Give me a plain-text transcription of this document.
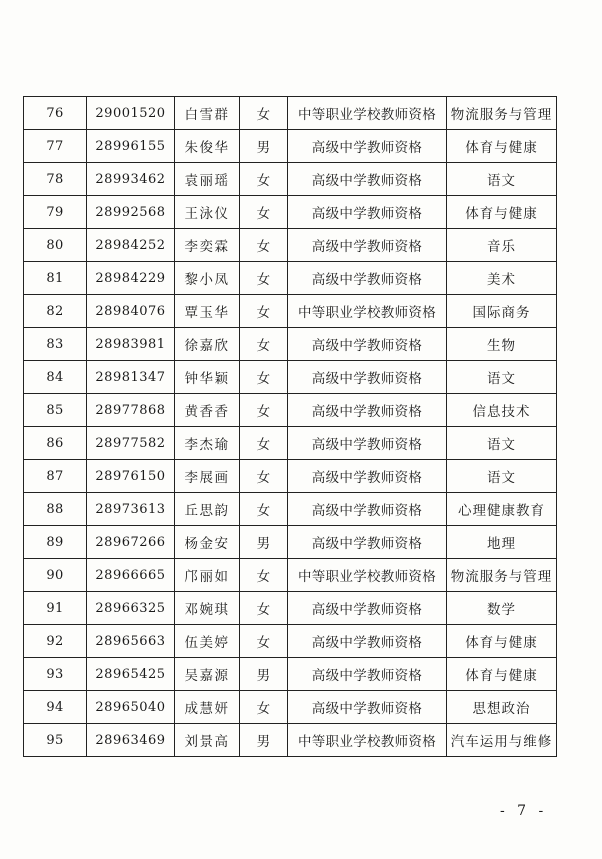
76	29001520	白雪群	女	中等职业学校教师资格	物流服务与管理
77	28996155	朱俊华	男	高级中学教师资格	体育与健康
78	28993462	袁丽瑶	女	高级中学教师资格	语文
79	28992568	王泳仪	女	高级中学教师资格	体育与健康
80	28984252	李奕霖	女	高级中学教师资格	音乐
81	28984229	黎小凤	女	高级中学教师资格	美术
82	28984076	覃玉华	女	中等职业学校教师资格	国际商务
83	28983981	徐嘉欣	女	高级中学教师资格	生物
84	28981347	钟华颖	女	高级中学教师资格	语文
85	28977868	黄香香	女	高级中学教师资格	信息技术
86	28977582	李杰瑜	女	高级中学教师资格	语文
87	28976150	李展画	女	高级中学教师资格	语文
88	28973613	丘思韵	女	高级中学教师资格	心理健康教育
89	28967266	杨金安	男	高级中学教师资格	地理
90	28966665	邝丽如	女	中等职业学校教师资格	物流服务与管理
91	28966325	邓婉琪	女	高级中学教师资格	数学
92	28965663	伍美婷	女	高级中学教师资格	体育与健康
93	28965425	吴嘉源	男	高级中学教师资格	体育与健康
94	28965040	成慧妍	女	高级中学教师资格	思想政治
95	28963469	刘景高	男	中等职业学校教师资格	汽车运用与维修
- 7 -
